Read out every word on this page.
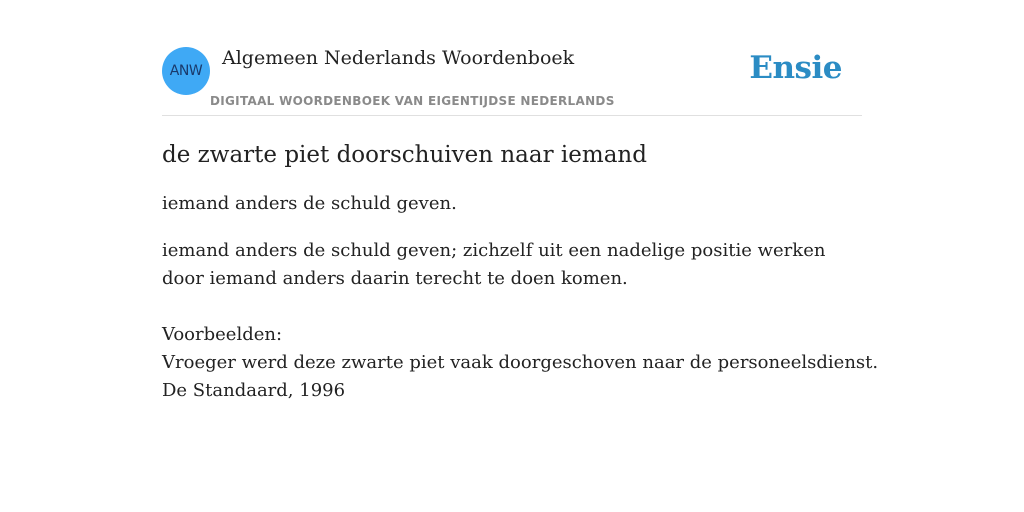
ANW
Algemeen Nederlands Woordenboek
DIGITAAL WOORDENBOEK VAN EIGENTIJDSE NEDERLANDS
Ensie
de zwarte piet doorschuiven naar iemand

iemand anders de schuld geven.

iemand anders de schuld geven; zichzelf uit een nadelige positie werken door iemand anders daarin terecht te doen komen.

Voorbeelden:
Vroeger werd deze zwarte piet vaak doorgeschoven naar de personeelsdienst.
De Standaard, 1996
